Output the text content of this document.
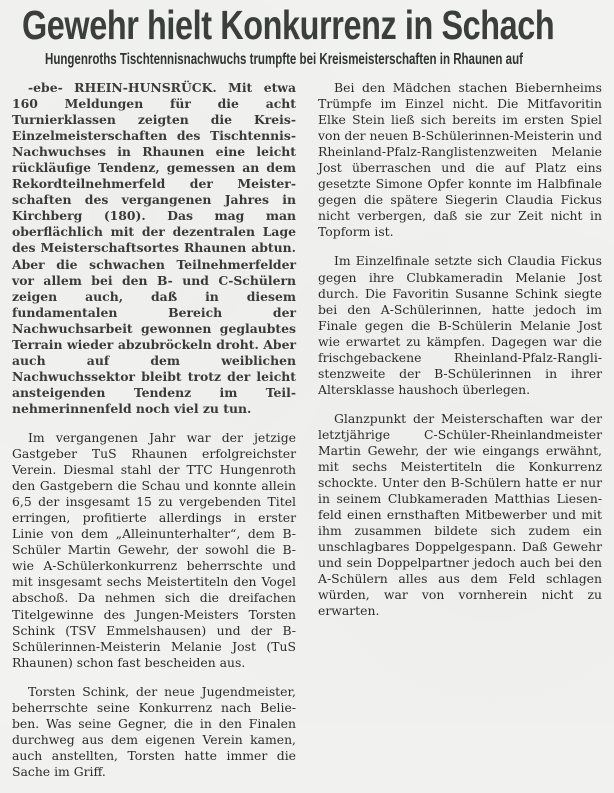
Gewehr hielt Konkurrenz in Schach
Hungenroths Tischtennisnachwuchs trumpfte bei Kreismeisterschaften in Rhaunen auf

-ebe- RHEIN-HUNSRÜCK. Mit etwa 160 Meldungen für die acht Turnierklassen zeigten die Kreis-Einzelmeisterschaften des Tischtennis-Nachwuchses in Rhaunen eine leicht rückläufige Tendenz, gemessen an dem Rekordteilnehmerfeld der Meisterschaften des vergangenen Jahres in Kirchberg (180). Das mag man oberflächlich mit der dezentralen Lage des Meisterschaftsortes Rhaunen abtun. Aber die schwachen Teilnehmerfelder vor allem bei den B- und C-Schülern zeigen auch, daß in diesem fundamentalen Bereich der Nachwuchsarbeit gewonnen geglaubtes Terrain wieder abzubröckeln droht. Aber auch auf dem weiblichen Nachwuchssektor bleibt trotz der leicht ansteigenden Tendenz im Teilnehmerinnenfeld noch viel zu tun.

Im vergangenen Jahr war der jetzige Gastgeber TuS Rhaunen erfolgreichster Verein. Diesmal stahl der TTC Hungenroth den Gastgebern die Schau und konnte allein 6,5 der insgesamt 15 zu vergebenden Titel erringen, profitierte allerdings in erster Linie von dem „Alleinunterhalter“, dem B-Schüler Martin Gewehr, der sowohl die B- wie A-Schülerkonkurrenz beherrschte und mit insgesamt sechs Meistertiteln den Vogel abschoß. Da nehmen sich die dreifachen Titelgewinne des Jungen-Meisters Torsten Schink (TSV Emmelshausen) und der B-Schülerinnen-Meisterin Melanie Jost (TuS Rhaunen) schon fast bescheiden aus.

Torsten Schink, der neue Jugendmeister, beherrschte seine Konkurrenz nach Belieben. Was seine Gegner, die in den Finalen durchweg aus dem eigenen Verein kamen, auch anstellten, Torsten hatte immer die Sache im Griff.

Bei den Mädchen stachen Biebernheims Trümpfe im Einzel nicht. Die Mitfavoritin Elke Stein ließ sich bereits im ersten Spiel von der neuen B-Schülerinnen-Meisterin und Rheinland-Pfalz-Ranglistenzweiten Melanie Jost überraschen und die auf Platz eins gesetzte Simone Opfer konnte im Halbfinale gegen die spätere Siegerin Claudia Fickus nicht verbergen, daß sie zur Zeit nicht in Topform ist.

Im Einzelfinale setzte sich Claudia Fickus gegen ihre Clubkameradin Melanie Jost durch. Die Favoritin Susanne Schink siegte bei den A-Schülerinnen, hatte jedoch im Finale gegen die B-Schülerin Melanie Jost wie erwartet zu kämpfen. Dagegen war die frischgebackene Rheinland-Pfalz-Ranglistenzweite der B-Schülerinnen in ihrer Altersklasse haushoch überlegen.

Glanzpunkt der Meisterschaften war der letztjährige C-Schüler-Rheinlandmeister Martin Gewehr, der wie eingangs erwähnt, mit sechs Meistertiteln die Konkurrenz schockte. Unter den B-Schülern hatte er nur in seinem Clubkameraden Matthias Liesenfeld einen ernsthaften Mitbewerber und mit ihm zusammen bildete sich zudem ein unschlagbares Doppelgespann. Daß Gewehr und sein Doppelpartner jedoch auch bei den A-Schülern alles aus dem Feld schlagen würden, war von vornherein nicht zu erwarten.
